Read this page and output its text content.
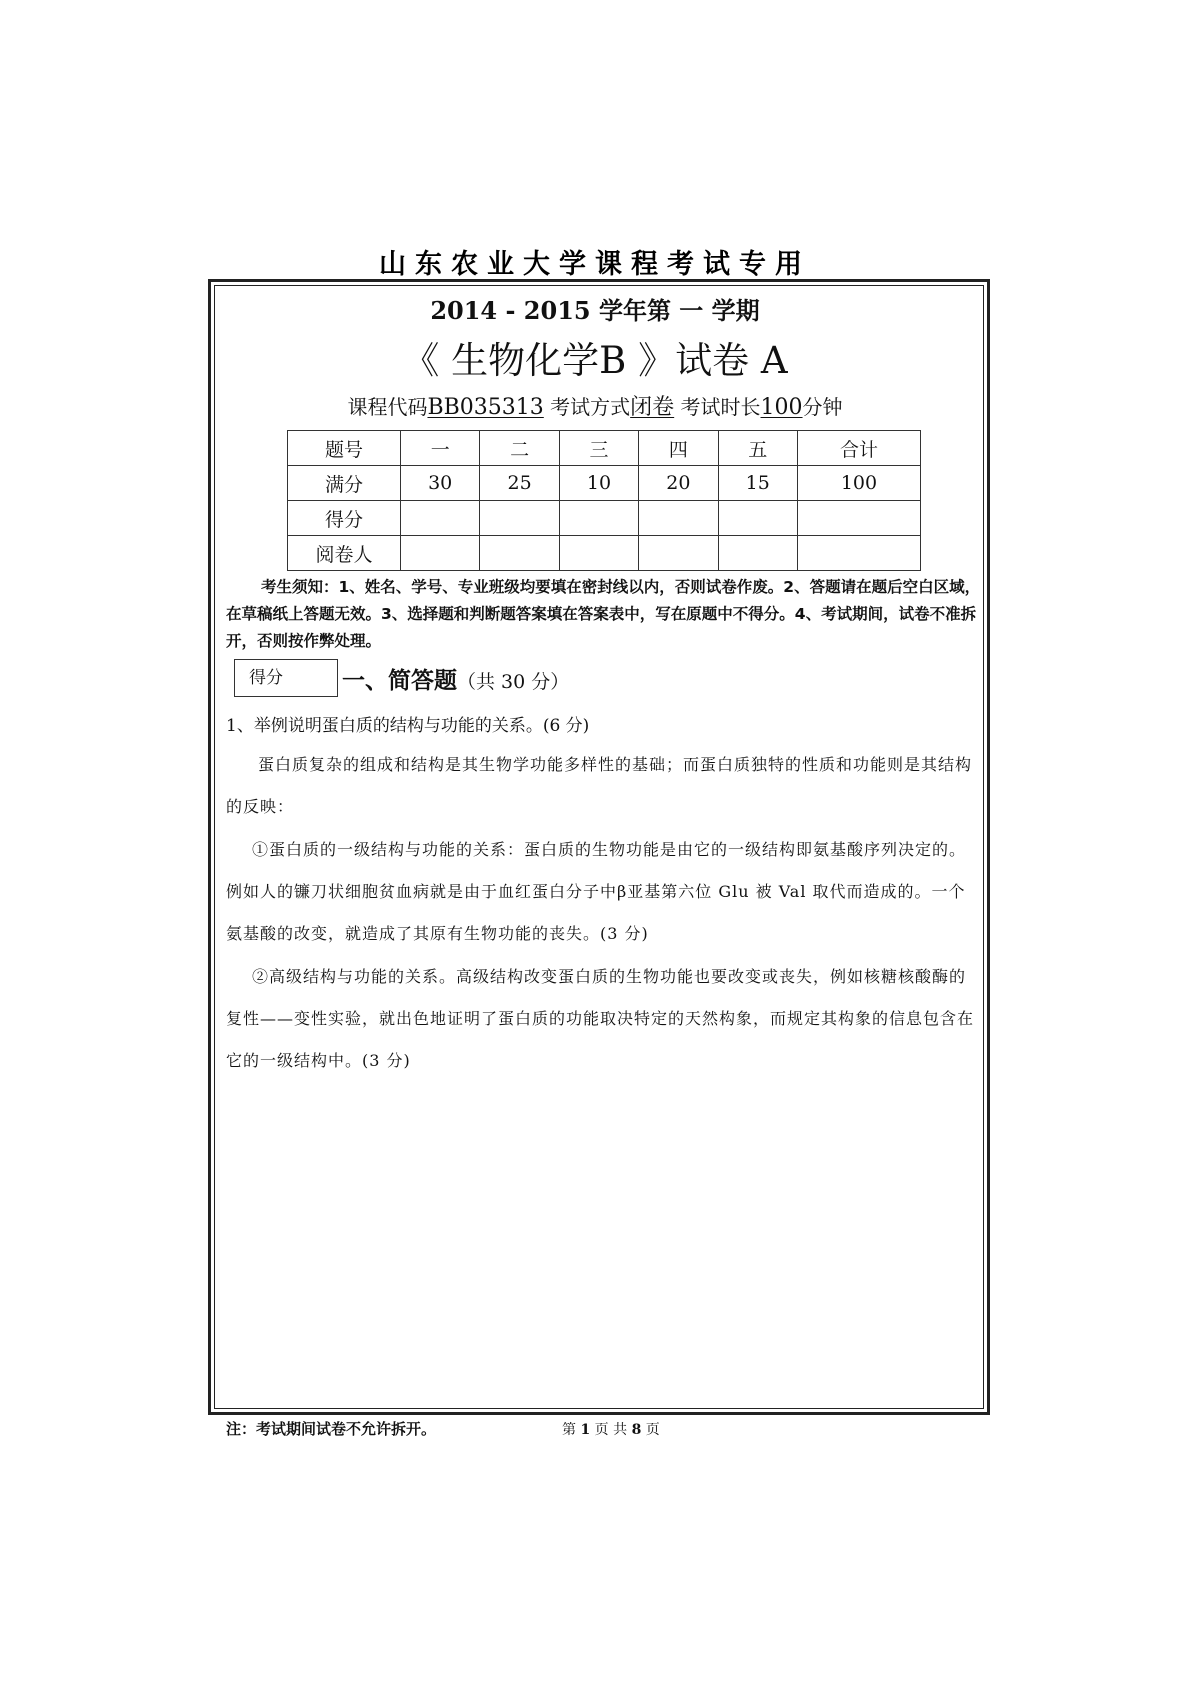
山东农业大学课程考试专用
2014 - 2015 学年第 一 学期
《 生物化学B 》试卷 A
课程代码BB035313 考试方式闭卷 考试时长100分钟
题号	一	二	三	四	五	合计
满分	30	25	10	20	15	100
得分						
阅卷人						
考生须知：1、姓名、学号、专业班级均要填在密封线以内，否则试卷作废。2、答题请在题后空白区域，在草稿纸上答题无效。3、选择题和判断题答案填在答案表中，写在原题中不得分。4、考试期间，试卷不准拆开，否则按作弊处理。
得分	一、简答题（共 30 分）
1、举例说明蛋白质的结构与功能的关系。(6 分)
蛋白质复杂的组成和结构是其生物学功能多样性的基础；而蛋白质独特的性质和功能则是其结构的反映：
①蛋白质的一级结构与功能的关系：蛋白质的生物功能是由它的一级结构即氨基酸序列决定的。例如人的镰刀状细胞贫血病就是由于血红蛋白分子中β亚基第六位 Glu 被 Val 取代而造成的。一个氨基酸的改变，就造成了其原有生物功能的丧失。(3 分)
②高级结构与功能的关系。高级结构改变蛋白质的生物功能也要改变或丧失，例如核糖核酸酶的复性——变性实验，就出色地证明了蛋白质的功能取决特定的天然构象，而规定其构象的信息包含在它的一级结构中。(3 分)
注：考试期间试卷不允许拆开。	第 1 页 共 8 页
